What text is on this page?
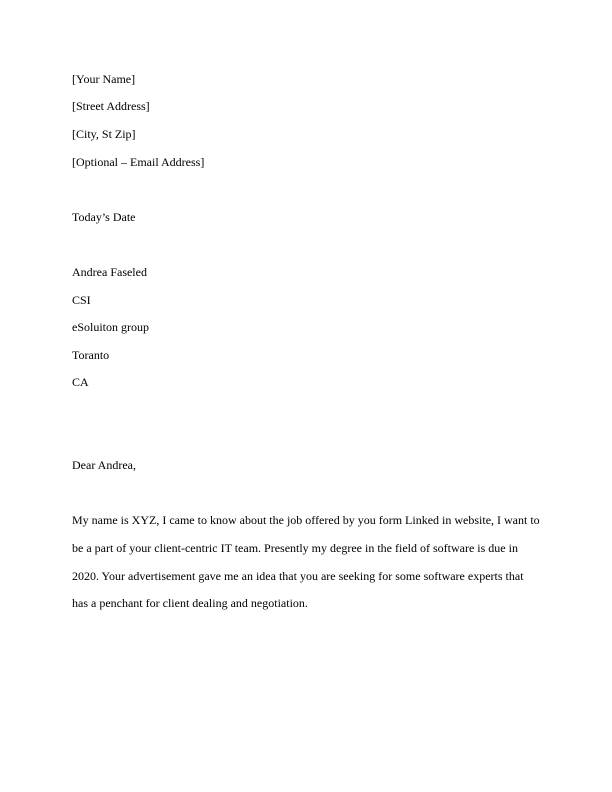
[Your Name]
[Street Address]
[City, St Zip]
[Optional – Email Address]
Today’s Date
Andrea Faseled
CSI
eSoluiton group
Toranto
CA
Dear Andrea,
My name is XYZ, I came to know about the job offered by you form Linked in website, I want to
be a part of your client-centric IT team. Presently my degree in the field of software is due in
2020. Your advertisement gave me an idea that you are seeking for some software experts that
has a penchant for client dealing and negotiation.
